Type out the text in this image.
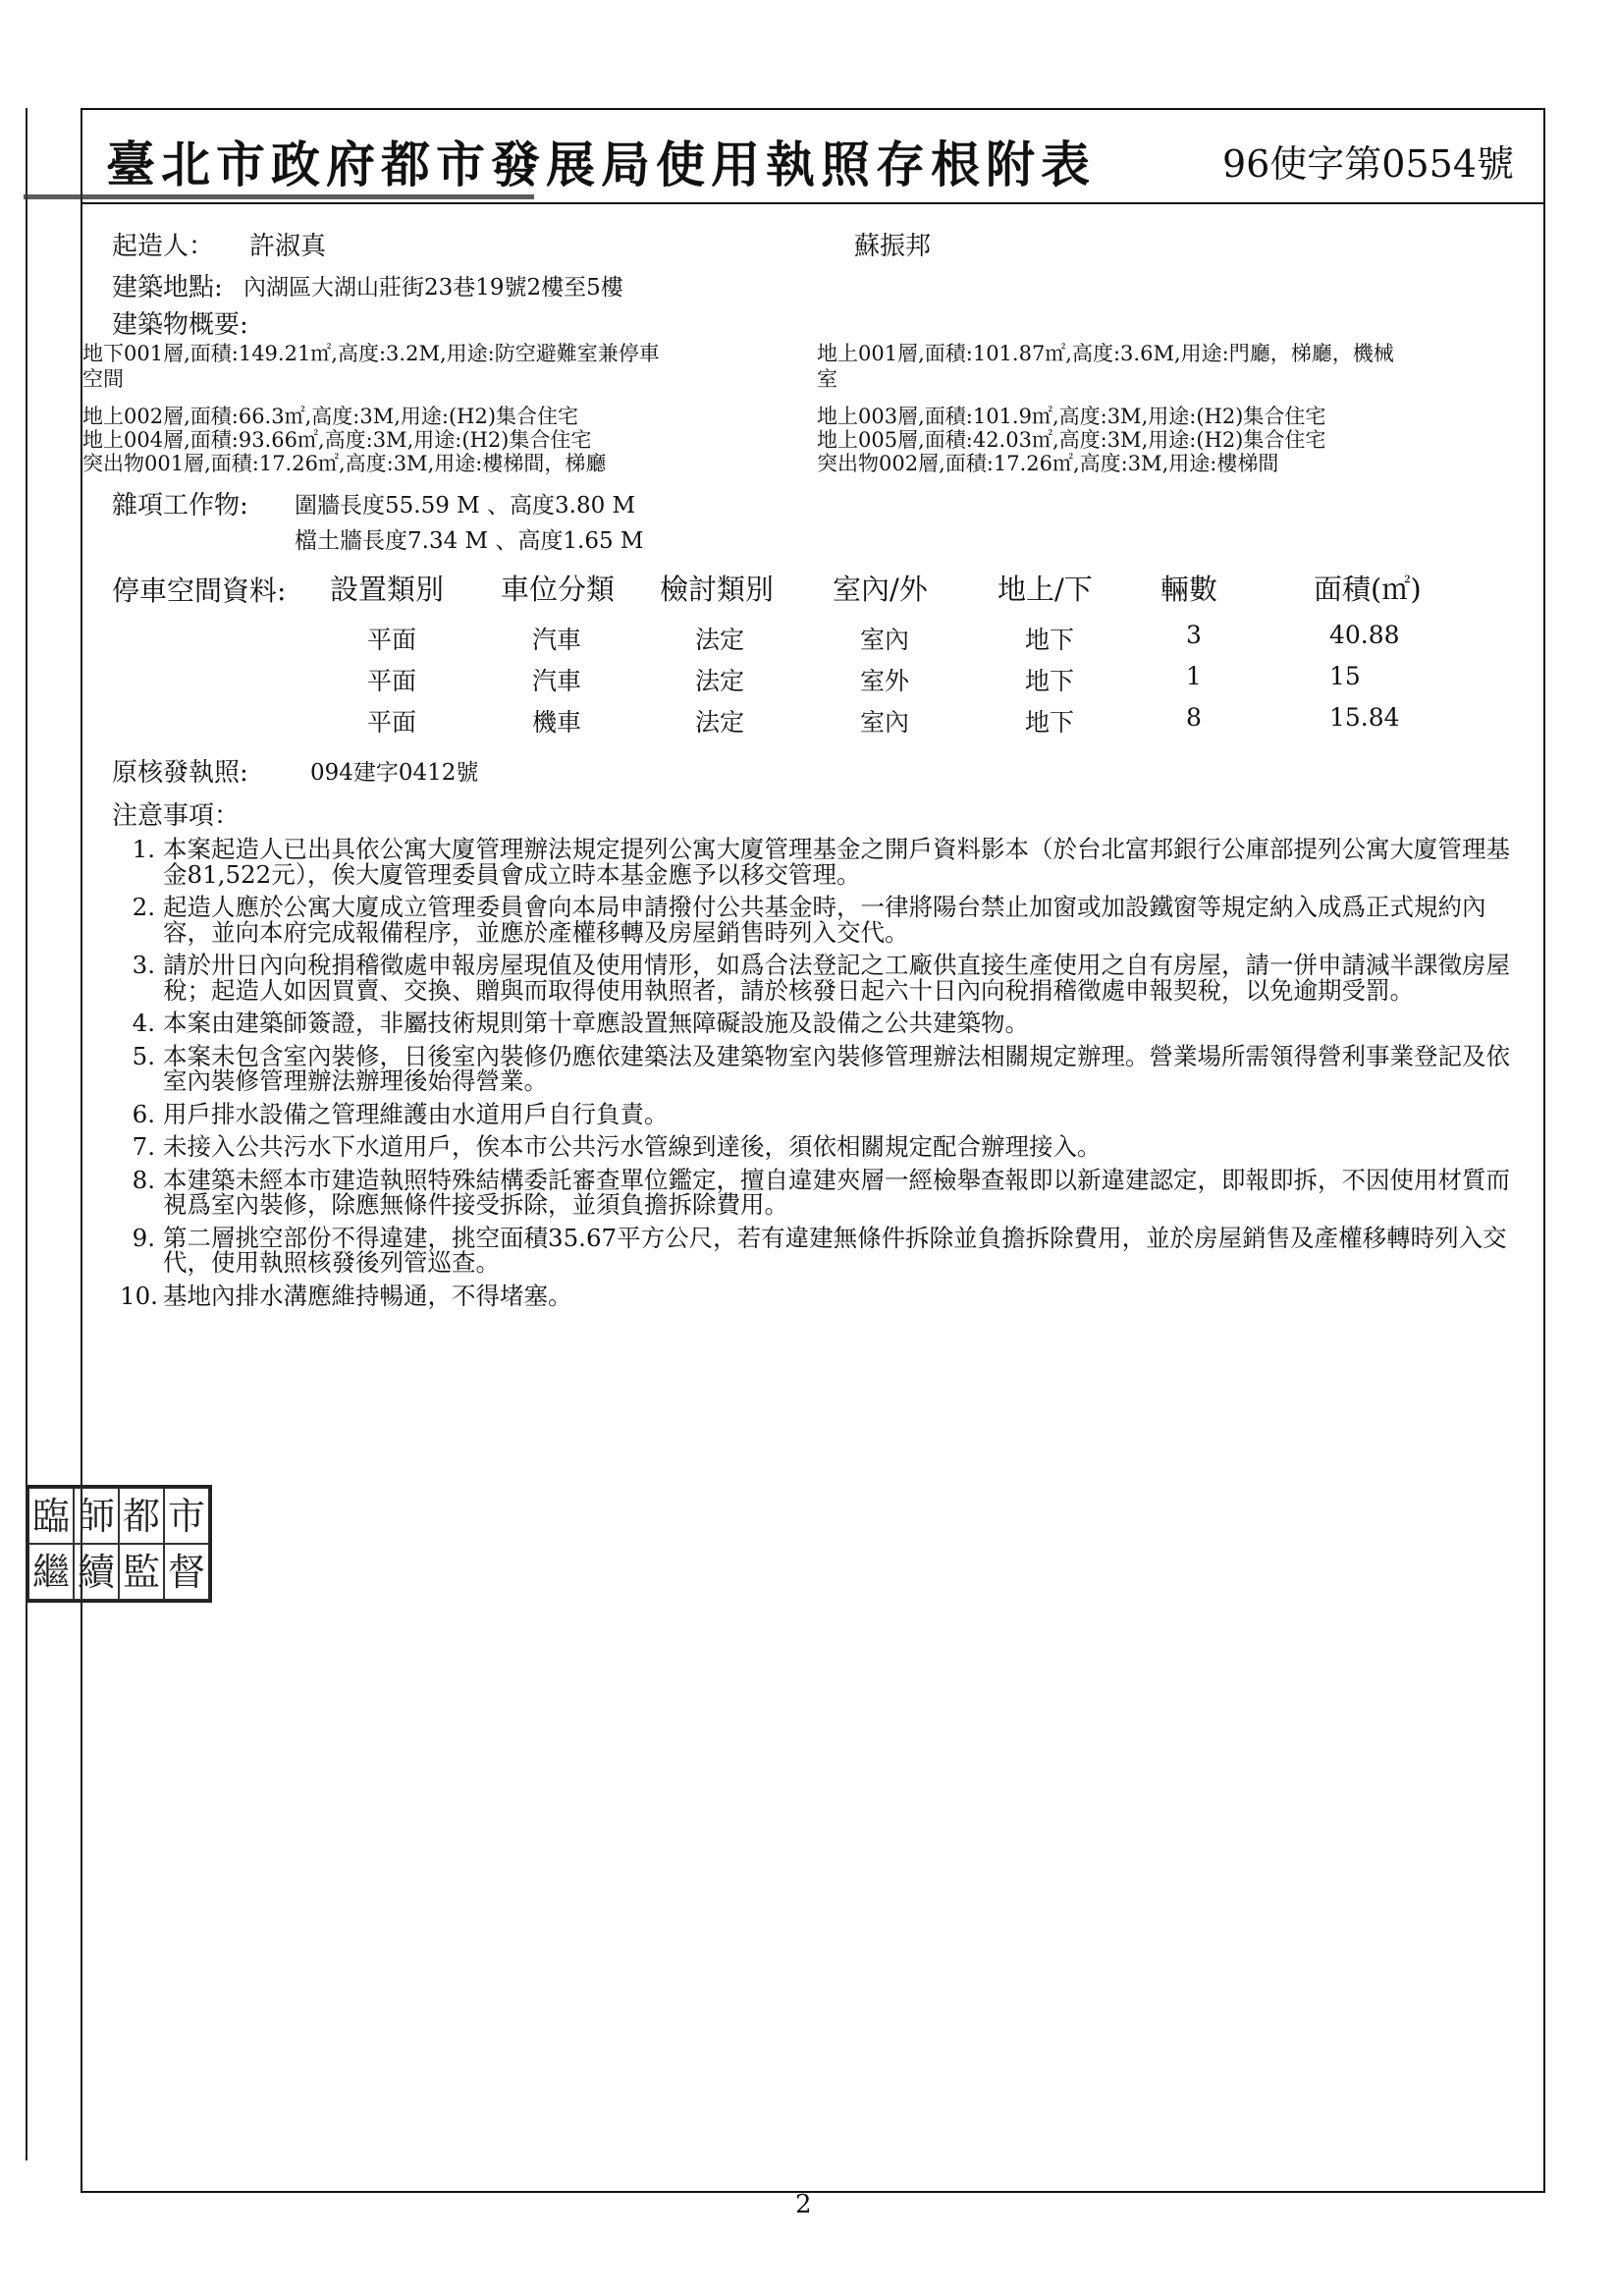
臺北市政府都市發展局使用執照存根附表	96使字第0554號
起造人： 許淑真	蘇振邦
建築地點: 內湖區大湖山莊街23巷19號2樓至5樓
建築物概要:
地下001層,面積:149.21㎡,高度:3.2M,用途:防空避難室兼停車
空間
地上002層,面積:66.3㎡,高度:3M,用途:(H2)集合住宅
地上004層,面積:93.66㎡,高度:3M,用途:(H2)集合住宅
突出物001層,面積:17.26㎡,高度:3M,用途:樓梯間，梯廳
地上001層,面積:101.87㎡,高度:3.6M,用途:門廳，梯廳，機械
室
地上003層,面積:101.9㎡,高度:3M,用途:(H2)集合住宅
地上005層,面積:42.03㎡,高度:3M,用途:(H2)集合住宅
突出物002層,面積:17.26㎡,高度:3M,用途:樓梯間
雜項工作物: 圍牆長度55.59 M 、高度3.80 M
檔土牆長度7.34 M 、高度1.65 M
停車空間資料: 設置類別 車位分類 檢討類別 室內/外 地上/下 輛數	面積(㎡)
平面	汽車	法定	室內	地下	3	40.88
平面	汽車	法定	室外	地下	1	15
平面	機車	法定	室內	地下	8	15.84
原核發執照:	094建字0412號
注意事項：
1. 本案起造人已出具依公寓大廈管理辦法規定提列公寓大廈管理基金之開戶資料影本（於台北富邦銀行公庫部提列公寓大廈管理基金81,522元），俟大廈管理委員會成立時本基金應予以移交管理。
2. 起造人應於公寓大廈成立管理委員會向本局申請撥付公共基金時，一律將陽台禁止加窗或加設鐵窗等規定納入成爲正式規約內容，並向本府完成報備程序，並應於產權移轉及房屋銷售時列入交代。
3. 請於卅日內向稅捐稽徵處申報房屋現值及使用情形，如爲合法登記之工廠供直接生產使用之自有房屋，請一併申請減半課徵房屋稅；起造人如因買賣、交換、贈與而取得使用執照者，請於核發日起六十日內向稅捐稽徵處申報契稅，以免逾期受罰。
4. 本案由建築師簽證，非屬技術規則第十章應設置無障礙設施及設備之公共建築物。
5. 本案未包含室內裝修，日後室內裝修仍應依建築法及建築物室內裝修管理辦法相關規定辦理。營業場所需領得營利事業登記及依室內裝修管理辦法辦理後始得營業。
6. 用戶排水設備之管理維護由水道用戶自行負責。
7. 未接入公共污水下水道用戶，俟本市公共污水管線到達後，須依相關規定配合辦理接入。
8. 本建築未經本市建造執照特殊結構委託審查單位鑑定，擅自違建夾層一經檢舉查報即以新違建認定，即報即拆，不因使用材質而視爲室內裝修，除應無條件接受拆除，並須負擔拆除費用。
9. 第二層挑空部份不得違建，挑空面積35.67平方公尺，若有違建無條件拆除並負擔拆除費用，並於房屋銷售及產權移轉時列入交代，使用執照核發後列管巡查。
10. 基地內排水溝應維持暢通，不得堵塞。
臨 師 都 市
繼 續 監 督
2
